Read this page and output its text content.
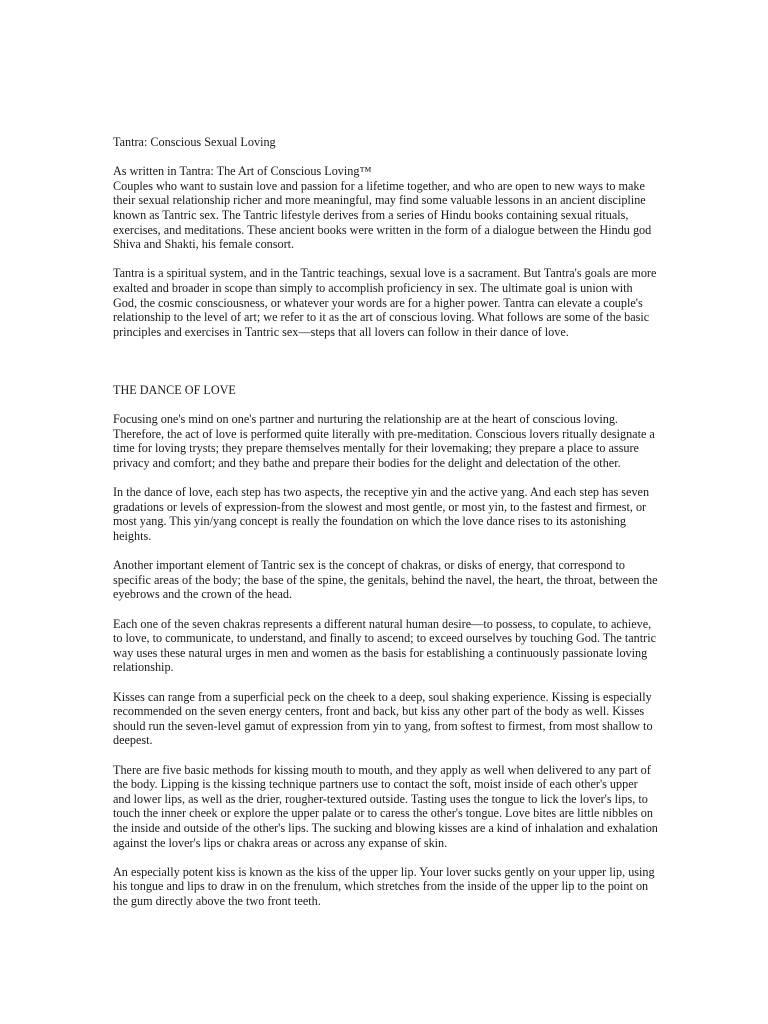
Tantra: Conscious Sexual Loving

As written in Tantra: The Art of Conscious Loving™

Couples who want to sustain love and passion for a lifetime together, and who are open to new ways to make their sexual relationship richer and more meaningful, may find some valuable lessons in an ancient discipline known as Tantric sex. The Tantric lifestyle derives from a series of Hindu books containing sexual rituals, exercises, and meditations. These ancient books were written in the form of a dialogue between the Hindu god Shiva and Shakti, his female consort.

Tantra is a spiritual system, and in the Tantric teachings, sexual love is a sacrament. But Tantra's goals are more exalted and broader in scope than simply to accomplish proficiency in sex. The ultimate goal is union with God, the cosmic consciousness, or whatever your words are for a higher power. Tantra can elevate a couple's relationship to the level of art; we refer to it as the art of conscious loving. What follows are some of the basic principles and exercises in Tantric sex—steps that all lovers can follow in their dance of love.

THE DANCE OF LOVE

Focusing one's mind on one's partner and nurturing the relationship are at the heart of conscious loving. Therefore, the act of love is performed quite literally with pre-meditation. Conscious lovers ritually designate a time for loving trysts; they prepare themselves mentally for their lovemaking; they prepare a place to assure privacy and comfort; and they bathe and prepare their bodies for the delight and delectation of the other.

In the dance of love, each step has two aspects, the receptive yin and the active yang. And each step has seven gradations or levels of expression-from the slowest and most gentle, or most yin, to the fastest and firmest, or most yang. This yin/yang concept is really the foundation on which the love dance rises to its astonishing heights.

Another important element of Tantric sex is the concept of chakras, or disks of energy, that correspond to specific areas of the body; the base of the spine, the genitals, behind the navel, the heart, the throat, between the eyebrows and the crown of the head.

Each one of the seven chakras represents a different natural human desire—to possess, to copulate, to achieve, to love, to communicate, to understand, and finally to ascend; to exceed ourselves by touching God. The tantric way uses these natural urges in men and women as the basis for establishing a continuously passionate loving relationship.

Kisses can range from a superficial peck on the cheek to a deep, soul shaking experience. Kissing is especially recommended on the seven energy centers, front and back, but kiss any other part of the body as well. Kisses should run the seven-level gamut of expression from yin to yang, from softest to firmest, from most shallow to deepest.

There are five basic methods for kissing mouth to mouth, and they apply as well when delivered to any part of the body. Lipping is the kissing technique partners use to contact the soft, moist inside of each other's upper and lower lips, as well as the drier, rougher-textured outside. Tasting uses the tongue to lick the lover's lips, to touch the inner cheek or explore the upper palate or to caress the other's tongue. Love bites are little nibbles on the inside and outside of the other's lips. The sucking and blowing kisses are a kind of inhalation and exhalation against the lover's lips or chakra areas or across any expanse of skin.

An especially potent kiss is known as the kiss of the upper lip. Your lover sucks gently on your upper lip, using his tongue and lips to draw in on the frenulum, which stretches from the inside of the upper lip to the point on the gum directly above the two front teeth.
